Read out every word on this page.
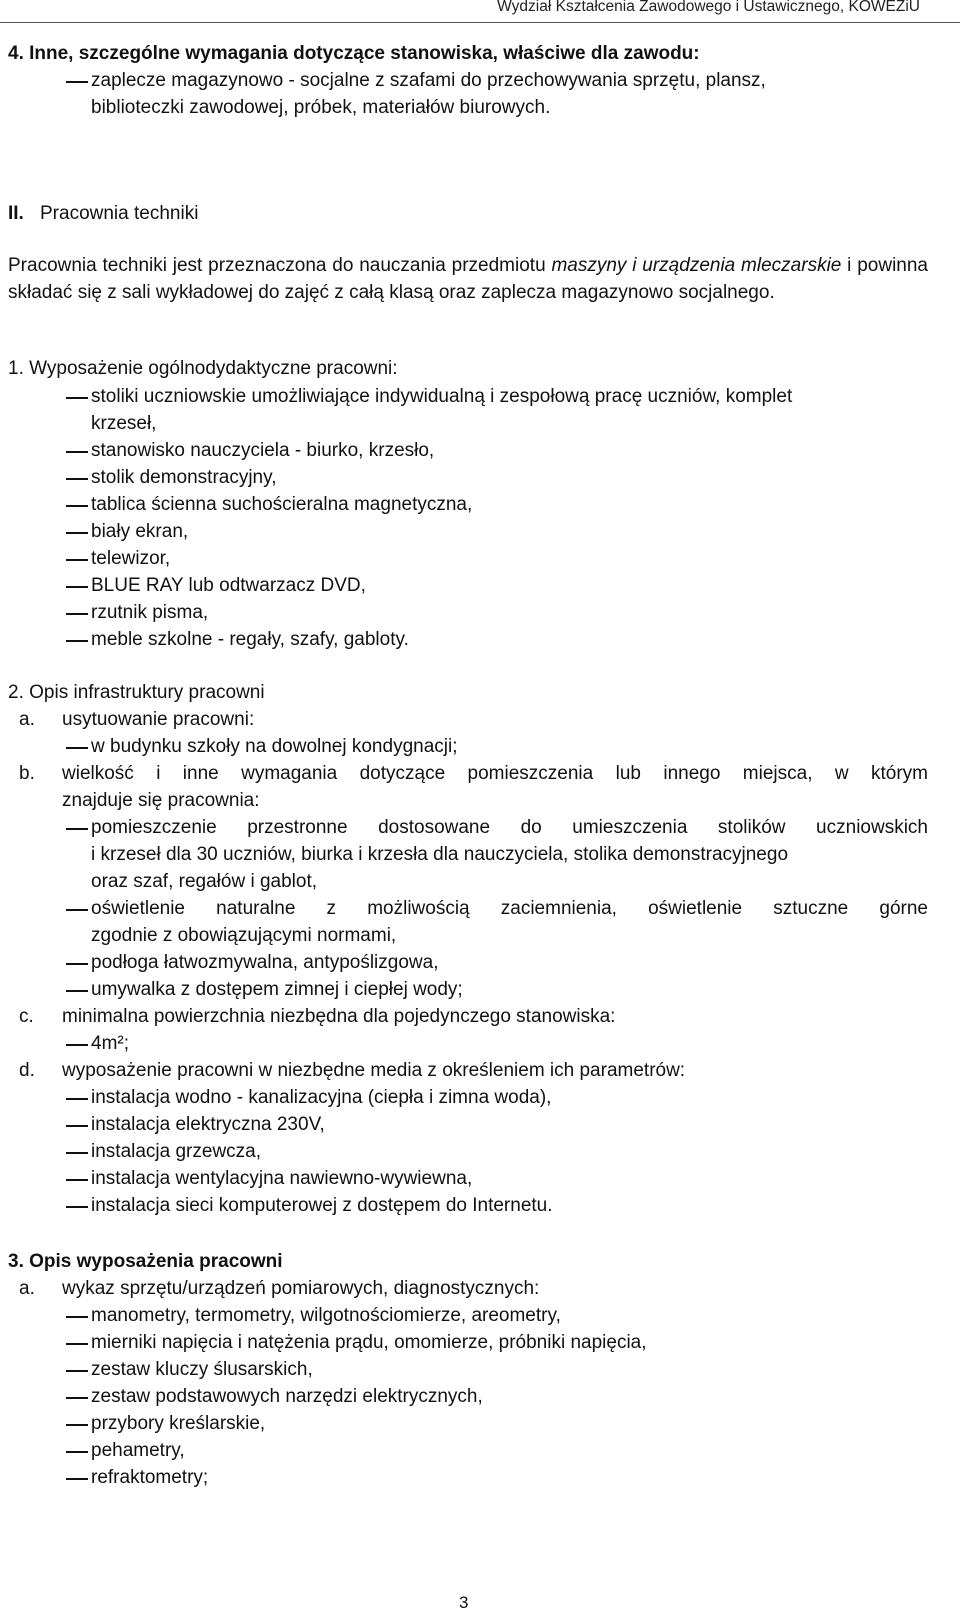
Wydział Kształcenia Zawodowego i Ustawicznego, KOWEZiU
4. Inne, szczególne wymagania dotyczące stanowiska, właściwe dla zawodu:
zaplecze magazynowo - socjalne z szafami do przechowywania sprzętu, plansz,
biblioteczki zawodowej, próbek, materiałów biurowych.
II. Pracownia techniki
Pracownia techniki jest przeznaczona do nauczania przedmiotu maszyny i urządzenia mleczarskie i powinna składać się z sali wykładowej do zajęć z całą klasą oraz zaplecza magazynowo socjalnego.
1. Wyposażenie ogólnodydaktyczne pracowni:
stoliki uczniowskie umożliwiające indywidualną i zespołową pracę uczniów, komplet
krzeseł,
stanowisko nauczyciela - biurko, krzesło,
stolik demonstracyjny,
tablica ścienna suchościeralna magnetyczna,
biały ekran,
telewizor,
BLUE RAY lub odtwarzacz DVD,
rzutnik pisma,
meble szkolne - regały, szafy, gabloty.
2. Opis infrastruktury pracowni
a. usytuowanie pracowni:
w budynku szkoły na dowolnej kondygnacji;
b. wielkość i inne wymagania dotyczące pomieszczenia lub innego miejsca, w którym
znajduje się pracownia:
pomieszczenie przestronne dostosowane do umieszczenia stolików uczniowskich
i krzeseł dla 30 uczniów, biurka i krzesła dla nauczyciela, stolika demonstracyjnego
oraz szaf, regałów i gablot,
oświetlenie naturalne z możliwością zaciemnienia, oświetlenie sztuczne górne
zgodnie z obowiązującymi normami,
podłoga łatwozmywalna, antypoślizgowa,
umywalka z dostępem zimnej i ciepłej wody;
c. minimalna powierzchnia niezbędna dla pojedynczego stanowiska:
4m²;
d. wyposażenie pracowni w niezbędne media z określeniem ich parametrów:
instalacja wodno - kanalizacyjna (ciepła i zimna woda),
instalacja elektryczna 230V,
instalacja grzewcza,
instalacja wentylacyjna nawiewno-wywiewna,
instalacja sieci komputerowej z dostępem do Internetu.
3. Opis wyposażenia pracowni
a. wykaz sprzętu/urządzeń pomiarowych, diagnostycznych:
manometry, termometry, wilgotnościomierze, areometry,
mierniki napięcia i natężenia prądu, omomierze, próbniki napięcia,
zestaw kluczy ślusarskich,
zestaw podstawowych narzędzi elektrycznych,
przybory kreślarskie,
pehametry,
refraktometry;
3
